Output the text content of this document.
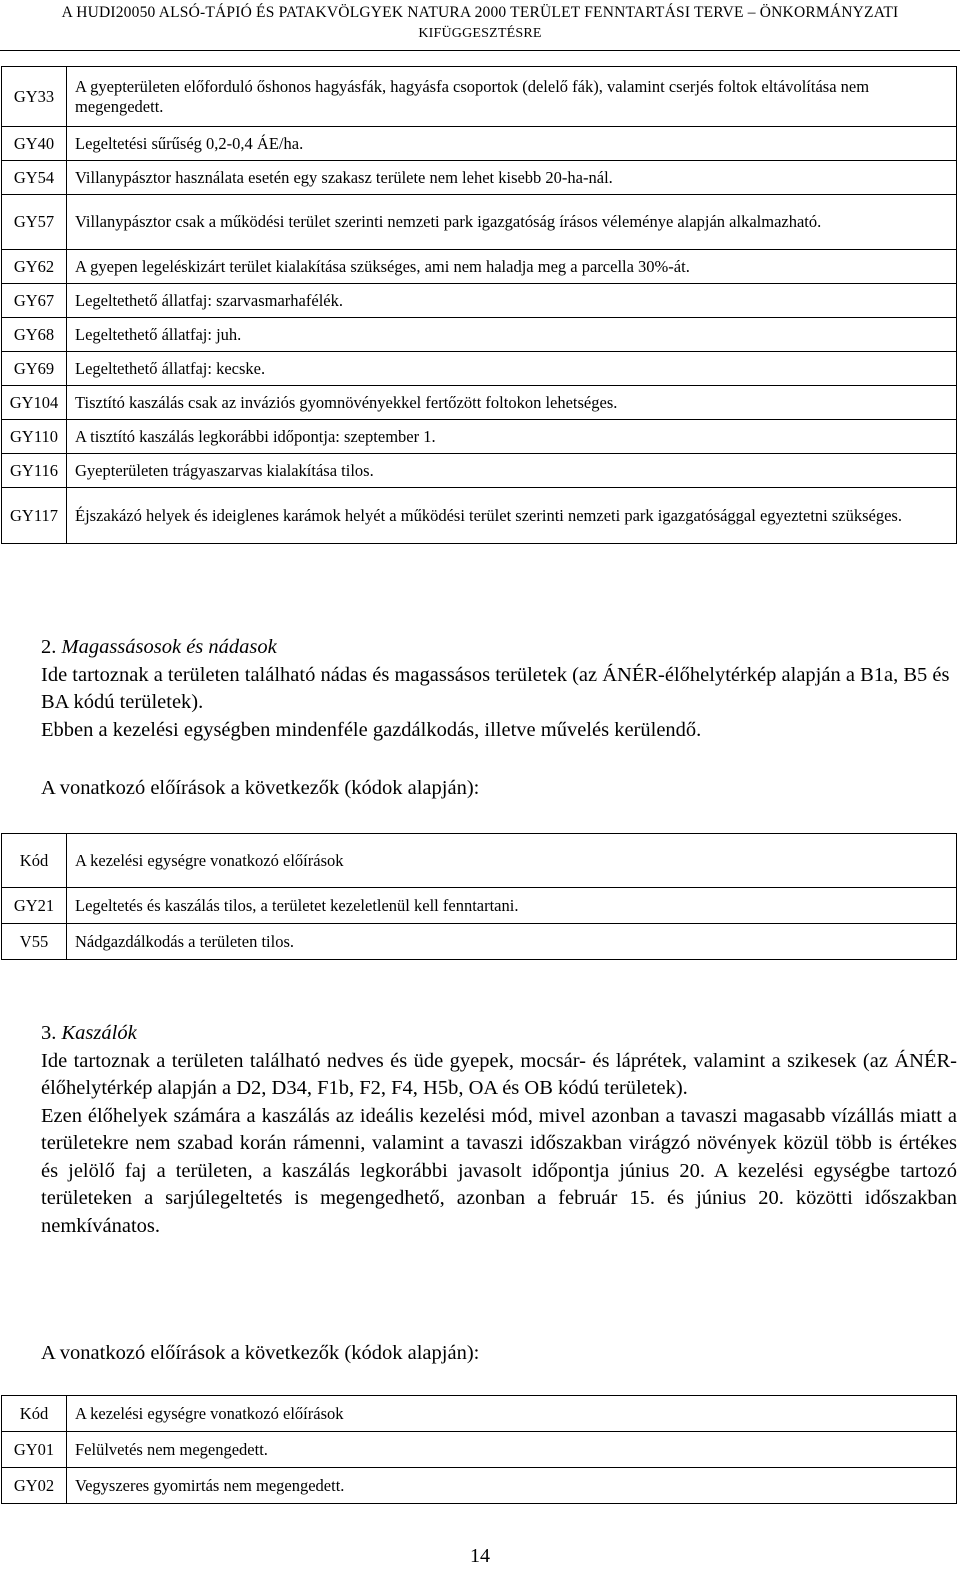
A HUDI20050 ALSÓ-TÁPIÓ ÉS PATAKVÖLGYEK NATURA 2000 TERÜLET FENNTARTÁSI TERVE – ÖNKORMÁNYZATI
KIFÜGGESZTÉSRE
GY33	A gyepterületen előforduló őshonos hagyásfák, hagyásfa csoportok (delelő fák), valamint cserjés foltok eltávolítása nem megengedett.
GY40	Legeltetési sűrűség 0,2-0,4 ÁE/ha.
GY54	Villanypásztor használata esetén egy szakasz területe nem lehet kisebb 20-ha-nál.
GY57	Villanypásztor csak a működési terület szerinti nemzeti park igazgatóság írásos véleménye alapján alkalmazható.
GY62	A gyepen legeléskizárt terület kialakítása szükséges, ami nem haladja meg a parcella 30%-át.
GY67	Legeltethető állatfaj: szarvasmarhafélék.
GY68	Legeltethető állatfaj: juh.
GY69	Legeltethető állatfaj: kecske.
GY104	Tisztító kaszálás csak az inváziós gyomnövényekkel fertőzött foltokon lehetséges.
GY110	A tisztító kaszálás legkorábbi időpontja: szeptember 1.
GY116	Gyepterületen trágyaszarvas kialakítása tilos.
GY117	Éjszakázó helyek és ideiglenes karámok helyét a működési terület szerinti nemzeti park igazgatósággal egyeztetni szükséges.

2. Magassásosok és nádasok

Ide tartoznak a területen található nádas és magassásos területek (az ÁNÉR-élőhelytérkép alapján a B1a, B5 és BA kódú területek).

Ebben a kezelési egységben mindenféle gazdálkodás, illetve művelés kerülendő.

A vonatkozó előírások a következők (kódok alapján):
Kód	A kezelési egységre vonatkozó előírások
GY21	Legeltetés és kaszálás tilos, a területet kezeletlenül kell fenntartani.
V55	Nádgazdálkodás a területen tilos.

3. Kaszálók

Ide tartoznak a területen található nedves és üde gyepek, mocsár- és láprétek, valamint a szikesek (az ÁNÉR-élőhelytérkép alapján a D2, D34, F1b, F2, F4, H5b, OA és OB kódú területek).

Ezen élőhelyek számára a kaszálás az ideális kezelési mód, mivel azonban a tavaszi magasabb vízállás miatt a területekre nem szabad korán rámenni, valamint a tavaszi időszakban virágzó növények közül több is értékes és jelölő faj a területen, a kaszálás legkorábbi javasolt időpontja június 20. A kezelési egységbe tartozó területeken a sarjúlegeltetés is megengedhető, azonban a február 15. és június 20. közötti időszakban nemkívánatos.

A vonatkozó előírások a következők (kódok alapján):
Kód	A kezelési egységre vonatkozó előírások
GY01	Felülvetés nem megengedett.
GY02	Vegyszeres gyomirtás nem megengedett.
14
